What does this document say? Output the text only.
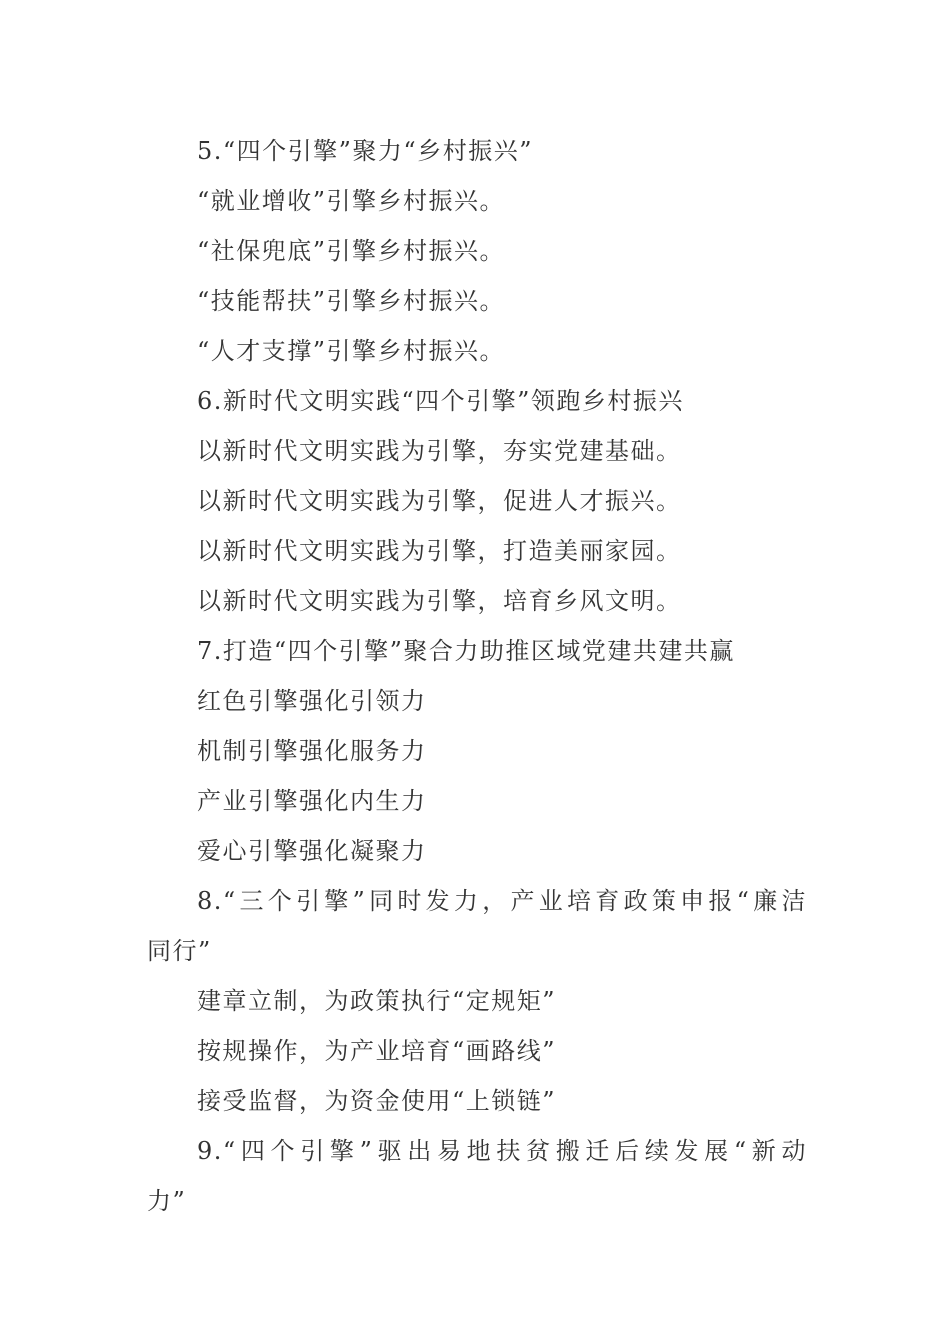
5.“四个引擎”聚力“乡村振兴”
“就业增收”引擎乡村振兴。
“社保兜底”引擎乡村振兴。
“技能帮扶”引擎乡村振兴。
“人才支撑”引擎乡村振兴。
6.新时代文明实践“四个引擎”领跑乡村振兴
以新时代文明实践为引擎，夯实党建基础。
以新时代文明实践为引擎，促进人才振兴。
以新时代文明实践为引擎，打造美丽家园。
以新时代文明实践为引擎，培育乡风文明。
7.打造“四个引擎”聚合力助推区域党建共建共赢
红色引擎强化引领力
机制引擎强化服务力
产业引擎强化内生力
爱心引擎强化凝聚力
8.“三个引擎”同时发力，产业培育政策申报“廉洁
同行”
建章立制，为政策执行“定规矩”
按规操作，为产业培育“画路线”
接受监督，为资金使用“上锁链”
9.“四个引擎”驱出易地扶贫搬迁后续发展“新动
力”
